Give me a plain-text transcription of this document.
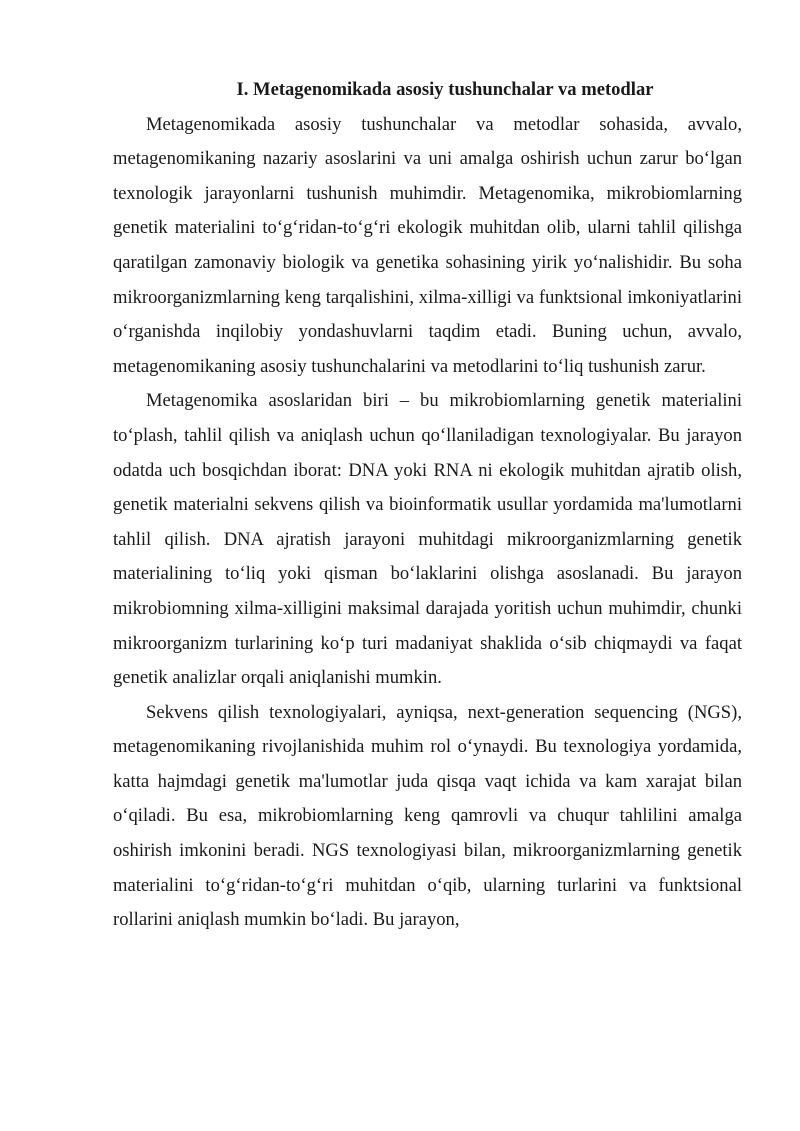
I. Metagenomikada asosiy tushunchalar va metodlar

Metagenomikada asosiy tushunchalar va metodlar sohasida, avvalo, metagenomikaning nazariy asoslarini va uni amalga oshirish uchun zarur bo‘lgan texnologik jarayonlarni tushunish muhimdir. Metagenomika, mikrobiomlarning genetik materialini to‘g‘ridan-to‘g‘ri ekologik muhitdan olib, ularni tahlil qilishga qaratilgan zamonaviy biologik va genetika sohasining yirik yo‘nalishidir. Bu soha mikroorganizmlarning keng tarqalishini, xilma-xilligi va funktsional imkoniyatlarini o‘rganishda inqilobiy yondashuvlarni taqdim etadi. Buning uchun, avvalo, metagenomikaning asosiy tushunchalarini va metodlarini to‘liq tushunish zarur.

Metagenomika asoslaridan biri – bu mikrobiomlarning genetik materialini to‘plash, tahlil qilish va aniqlash uchun qo‘llaniladigan texnologiyalar. Bu jarayon odatda uch bosqichdan iborat: DNA yoki RNA ni ekologik muhitdan ajratib olish, genetik materialni sekvens qilish va bioinformatik usullar yordamida ma'lumotlarni tahlil qilish. DNA ajratish jarayoni muhitdagi mikroorganizmlarning genetik materialining to‘liq yoki qisman bo‘laklarini olishga asoslanadi. Bu jarayon mikrobiomning xilma-xilligini maksimal darajada yoritish uchun muhimdir, chunki mikroorganizm turlarining ko‘p turi madaniyat shaklida o‘sib chiqmaydi va faqat genetik analizlar orqali aniqlanishi mumkin.

Sekvens qilish texnologiyalari, ayniqsa, next-generation sequencing (NGS), metagenomikaning rivojlanishida muhim rol o‘ynaydi. Bu texnologiya yordamida, katta hajmdagi genetik ma'lumotlar juda qisqa vaqt ichida va kam xarajat bilan o‘qiladi. Bu esa, mikrobiomlarning keng qamrovli va chuqur tahlilini amalga oshirish imkonini beradi. NGS texnologiyasi bilan, mikroorganizmlarning genetik materialini to‘g‘ridan-to‘g‘ri muhitdan o‘qib, ularning turlarini va funktsional rollarini aniqlash mumkin bo‘ladi. Bu jarayon,
